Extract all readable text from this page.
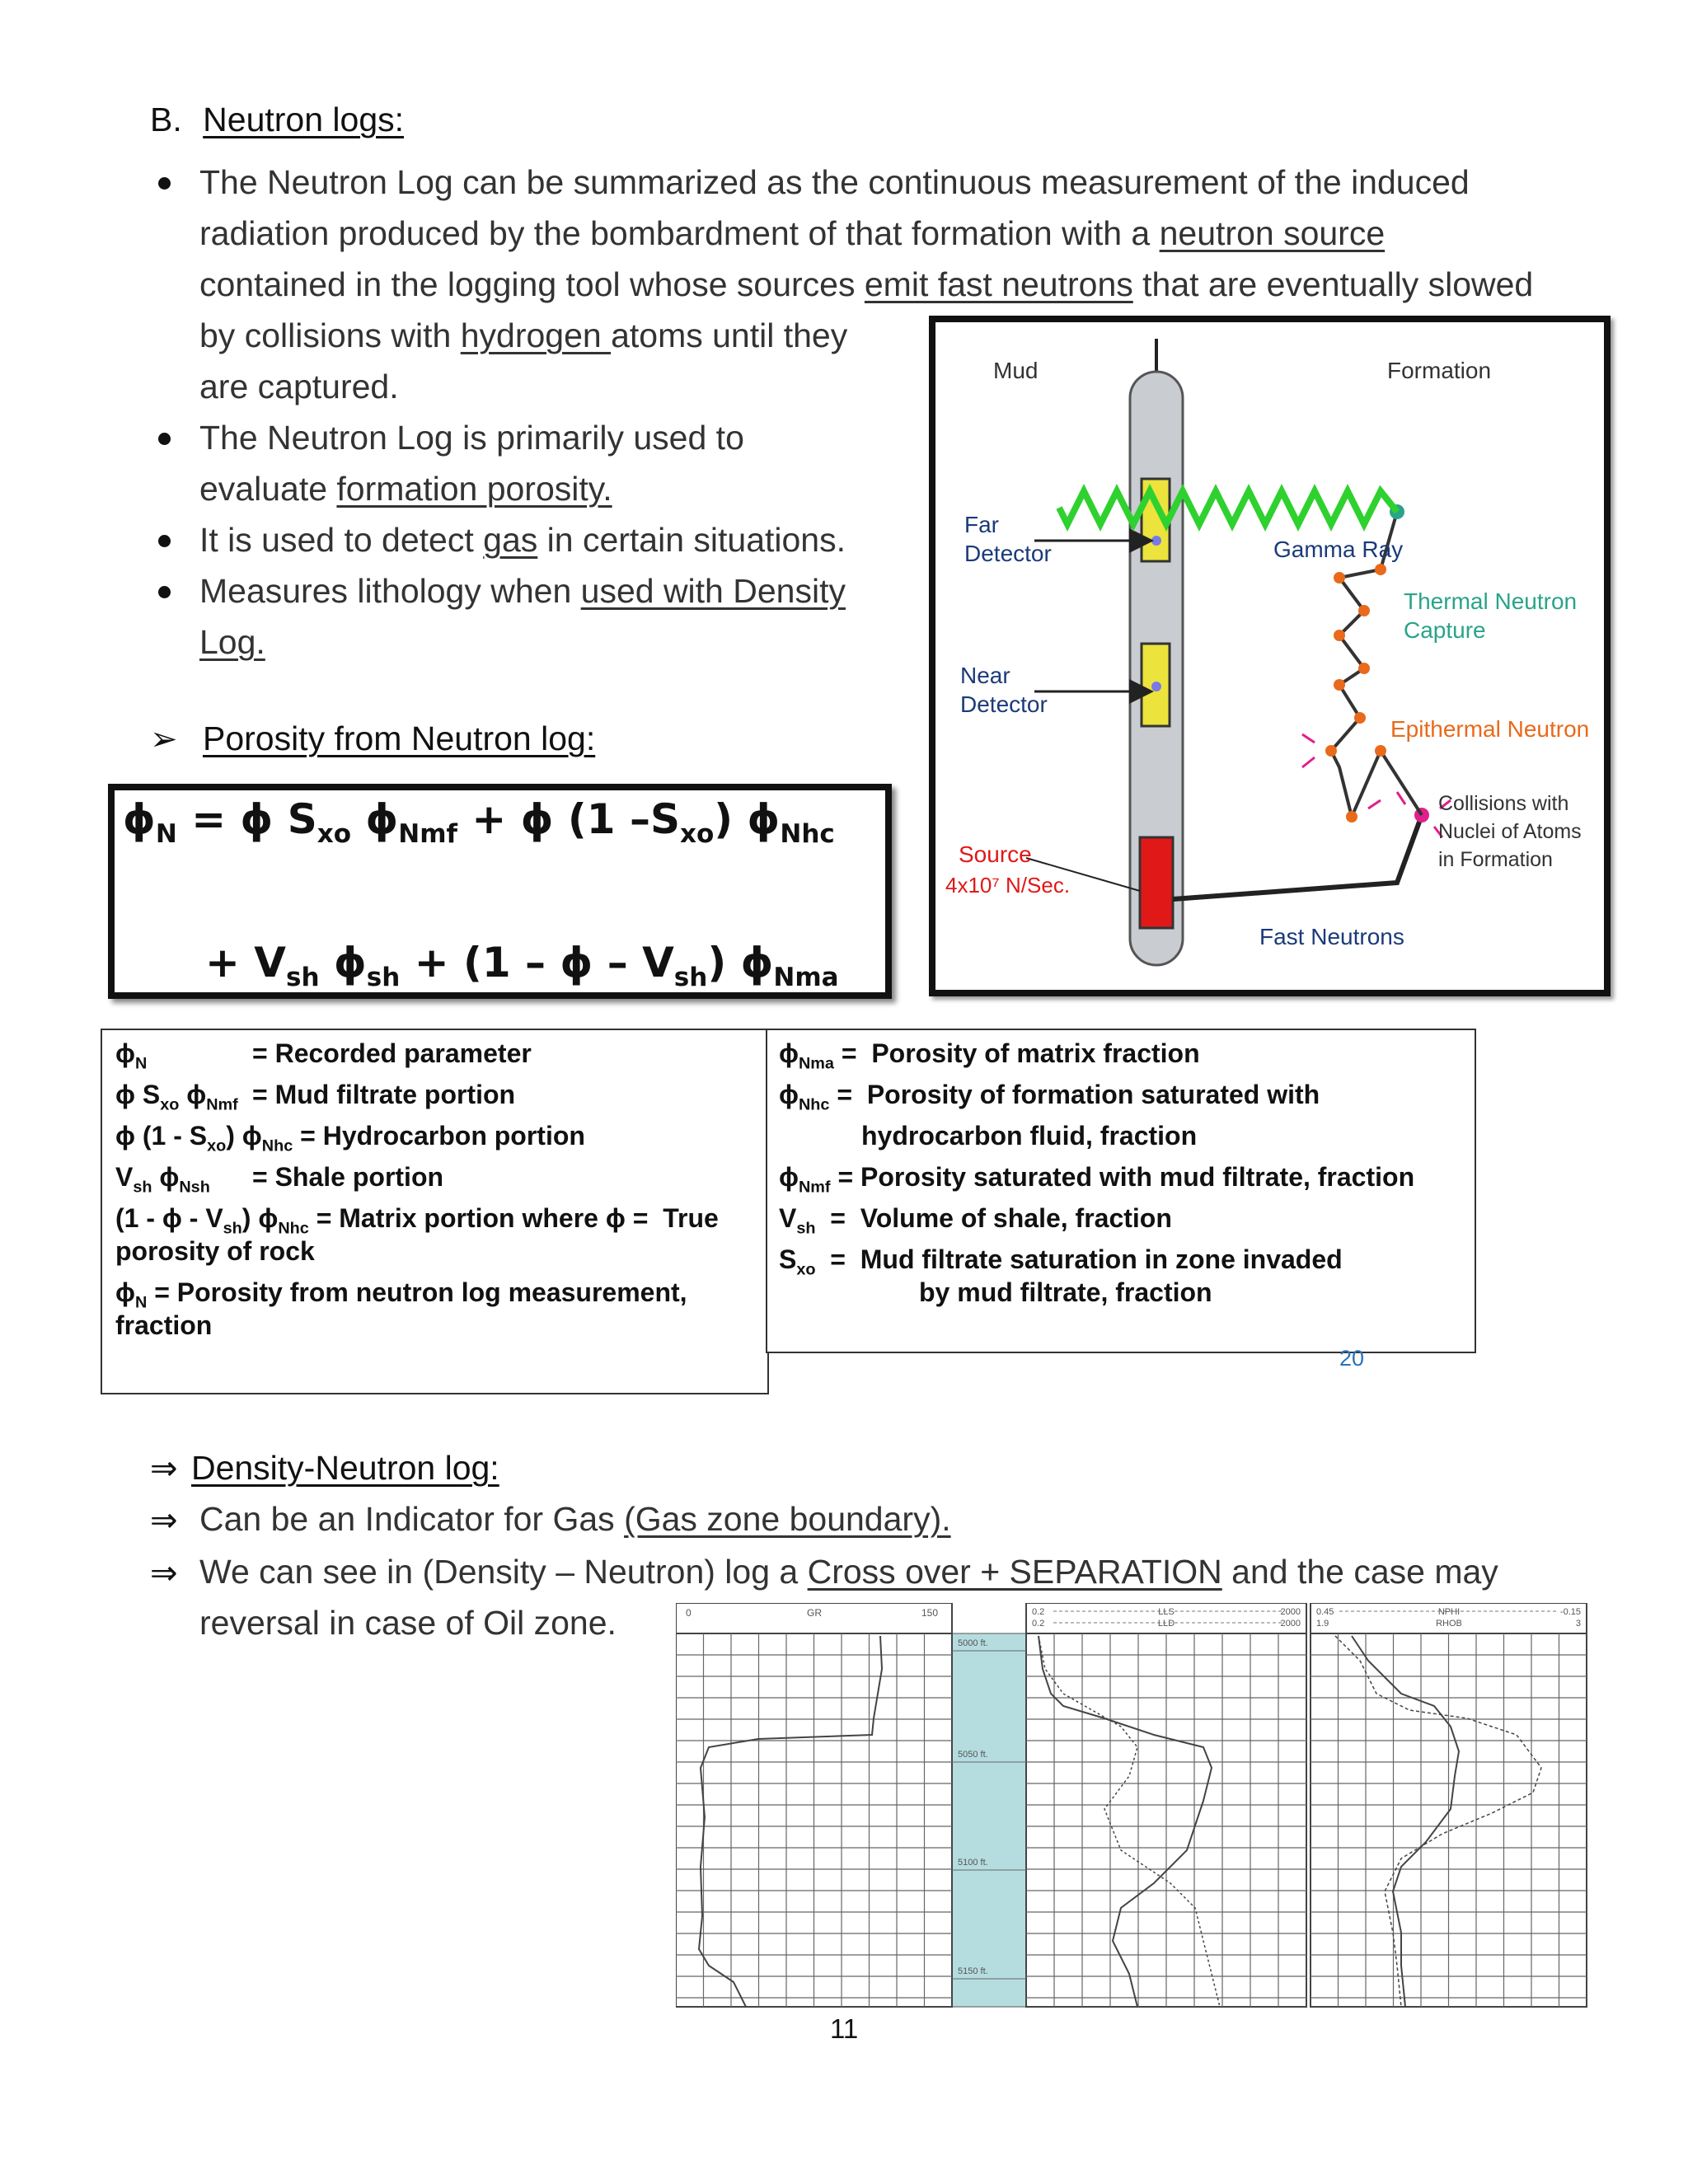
B. Neutron logs:
The Neutron Log can be summarized as the continuous measurement of the induced
radiation produced by the bombardment of that formation with a neutron source
contained in the logging tool whose sources emit fast neutrons that are eventually slowed
by collisions with hydrogen atoms until they
are captured.
The Neutron Log is primarily used to
evaluate formation porosity.
It is used to detect gas in certain situations.
Measures lithology when used with Density
Log.
➢ Porosity from Neutron log:
$\phi_N = \phi$ $S_{xo}$ $\phi_{Nmf} + \phi$ (1 $-S_{xo}$) $\phi_{Nhc}$
+ $V_{sh}$ $\phi_{sh} + (1 - \phi - V_{sh})$ $\phi_{Nma}$
$\phi_N$	= Recorded parameter
ϕ $S_{xo}$ $\phi_{Nmf}$ = Mud filtrate portion
ϕ $(1 - S_{xo})$ $\phi_{Nhc}$ = Hydrocarbon portion
$V_{sh}$ $\phi_{Nsh}$ = Shale portion
(1 - ϕ - $V_{sh}$) $\phi_{Nhc}$ = Matrix portion where ϕ =  True
porosity of rock
$\phi_N$ = Porosity from neutron log measurement,
fraction
$\phi_{Nma}$ =  Porosity of matrix fraction
$\phi_{Nhc}$ =  Porosity of formation saturated with
hydrocarbon fluid, fraction
$\phi_{Nmf}$ = Porosity saturated with mud filtrate, fraction
$V_{sh}$  =  Volume of shale, fraction
$S_{xo}$  =  Mud filtrate saturation in zone invaded
by mud filtrate, fraction
20
Mud	Formation
Far
Detector
Near
Detector
Gamma Ray
Thermal Neutron
Capture
Epithermal Neutron
Collisions with
Nuclei of Atoms
in Formation
Source
4x10⁷ N/Sec.
Fast Neutrons
⇒ Density-Neutron log:
⇒ Can be an Indicator for Gas (Gas zone boundary).
⇒ We can see in (Density – Neutron) log a Cross over + SEPARATION and the case may
reversal in case of Oil zone.	0	GR	150	0.2	LLS	2000
0.2	LLD	2000
0.45	NPHI	-0.15
1.9	RHOB	3
5000 ft.
5050 ft.
5100 ft.
5150 ft.
11
